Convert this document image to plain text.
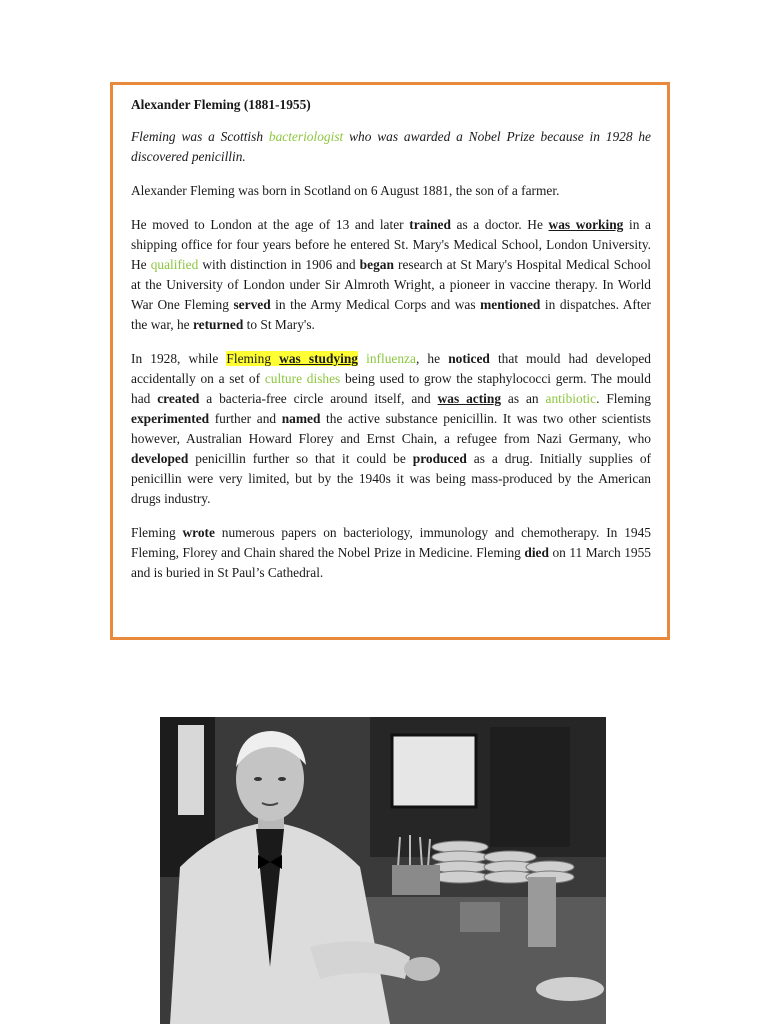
Alexander Fleming (1881-1955)

Fleming was a Scottish bacteriologist who was awarded a Nobel Prize because in 1928 he discovered penicillin.

Alexander Fleming was born in Scotland on 6 August 1881, the son of a farmer.

He moved to London at the age of 13 and later trained as a doctor. He was working in a shipping office for four years before he entered St. Mary's Medical School, London University. He qualified with distinction in 1906 and began research at St Mary's Hospital Medical School at the University of London under Sir Almroth Wright, a pioneer in vaccine therapy. In World War One Fleming served in the Army Medical Corps and was mentioned in dispatches. After the war, he returned to St Mary's.

In 1928, while Fleming was studying influenza, he noticed that mould had developed accidentally on a set of culture dishes being used to grow the staphylococci germ. The mould had created a bacteria-free circle around itself, and was acting as an antibiotic. Fleming experimented further and named the active substance penicillin. It was two other scientists however, Australian Howard Florey and Ernst Chain, a refugee from Nazi Germany, who developed penicillin further so that it could be produced as a drug. Initially supplies of penicillin were very limited, but by the 1940s it was being mass-produced by the American drugs industry.

Fleming wrote numerous papers on bacteriology, immunology and chemotherapy. In 1945 Fleming, Florey and Chain shared the Nobel Prize in Medicine. Fleming died on 11 March 1955 and is buried in St Paul’s Cathedral.
